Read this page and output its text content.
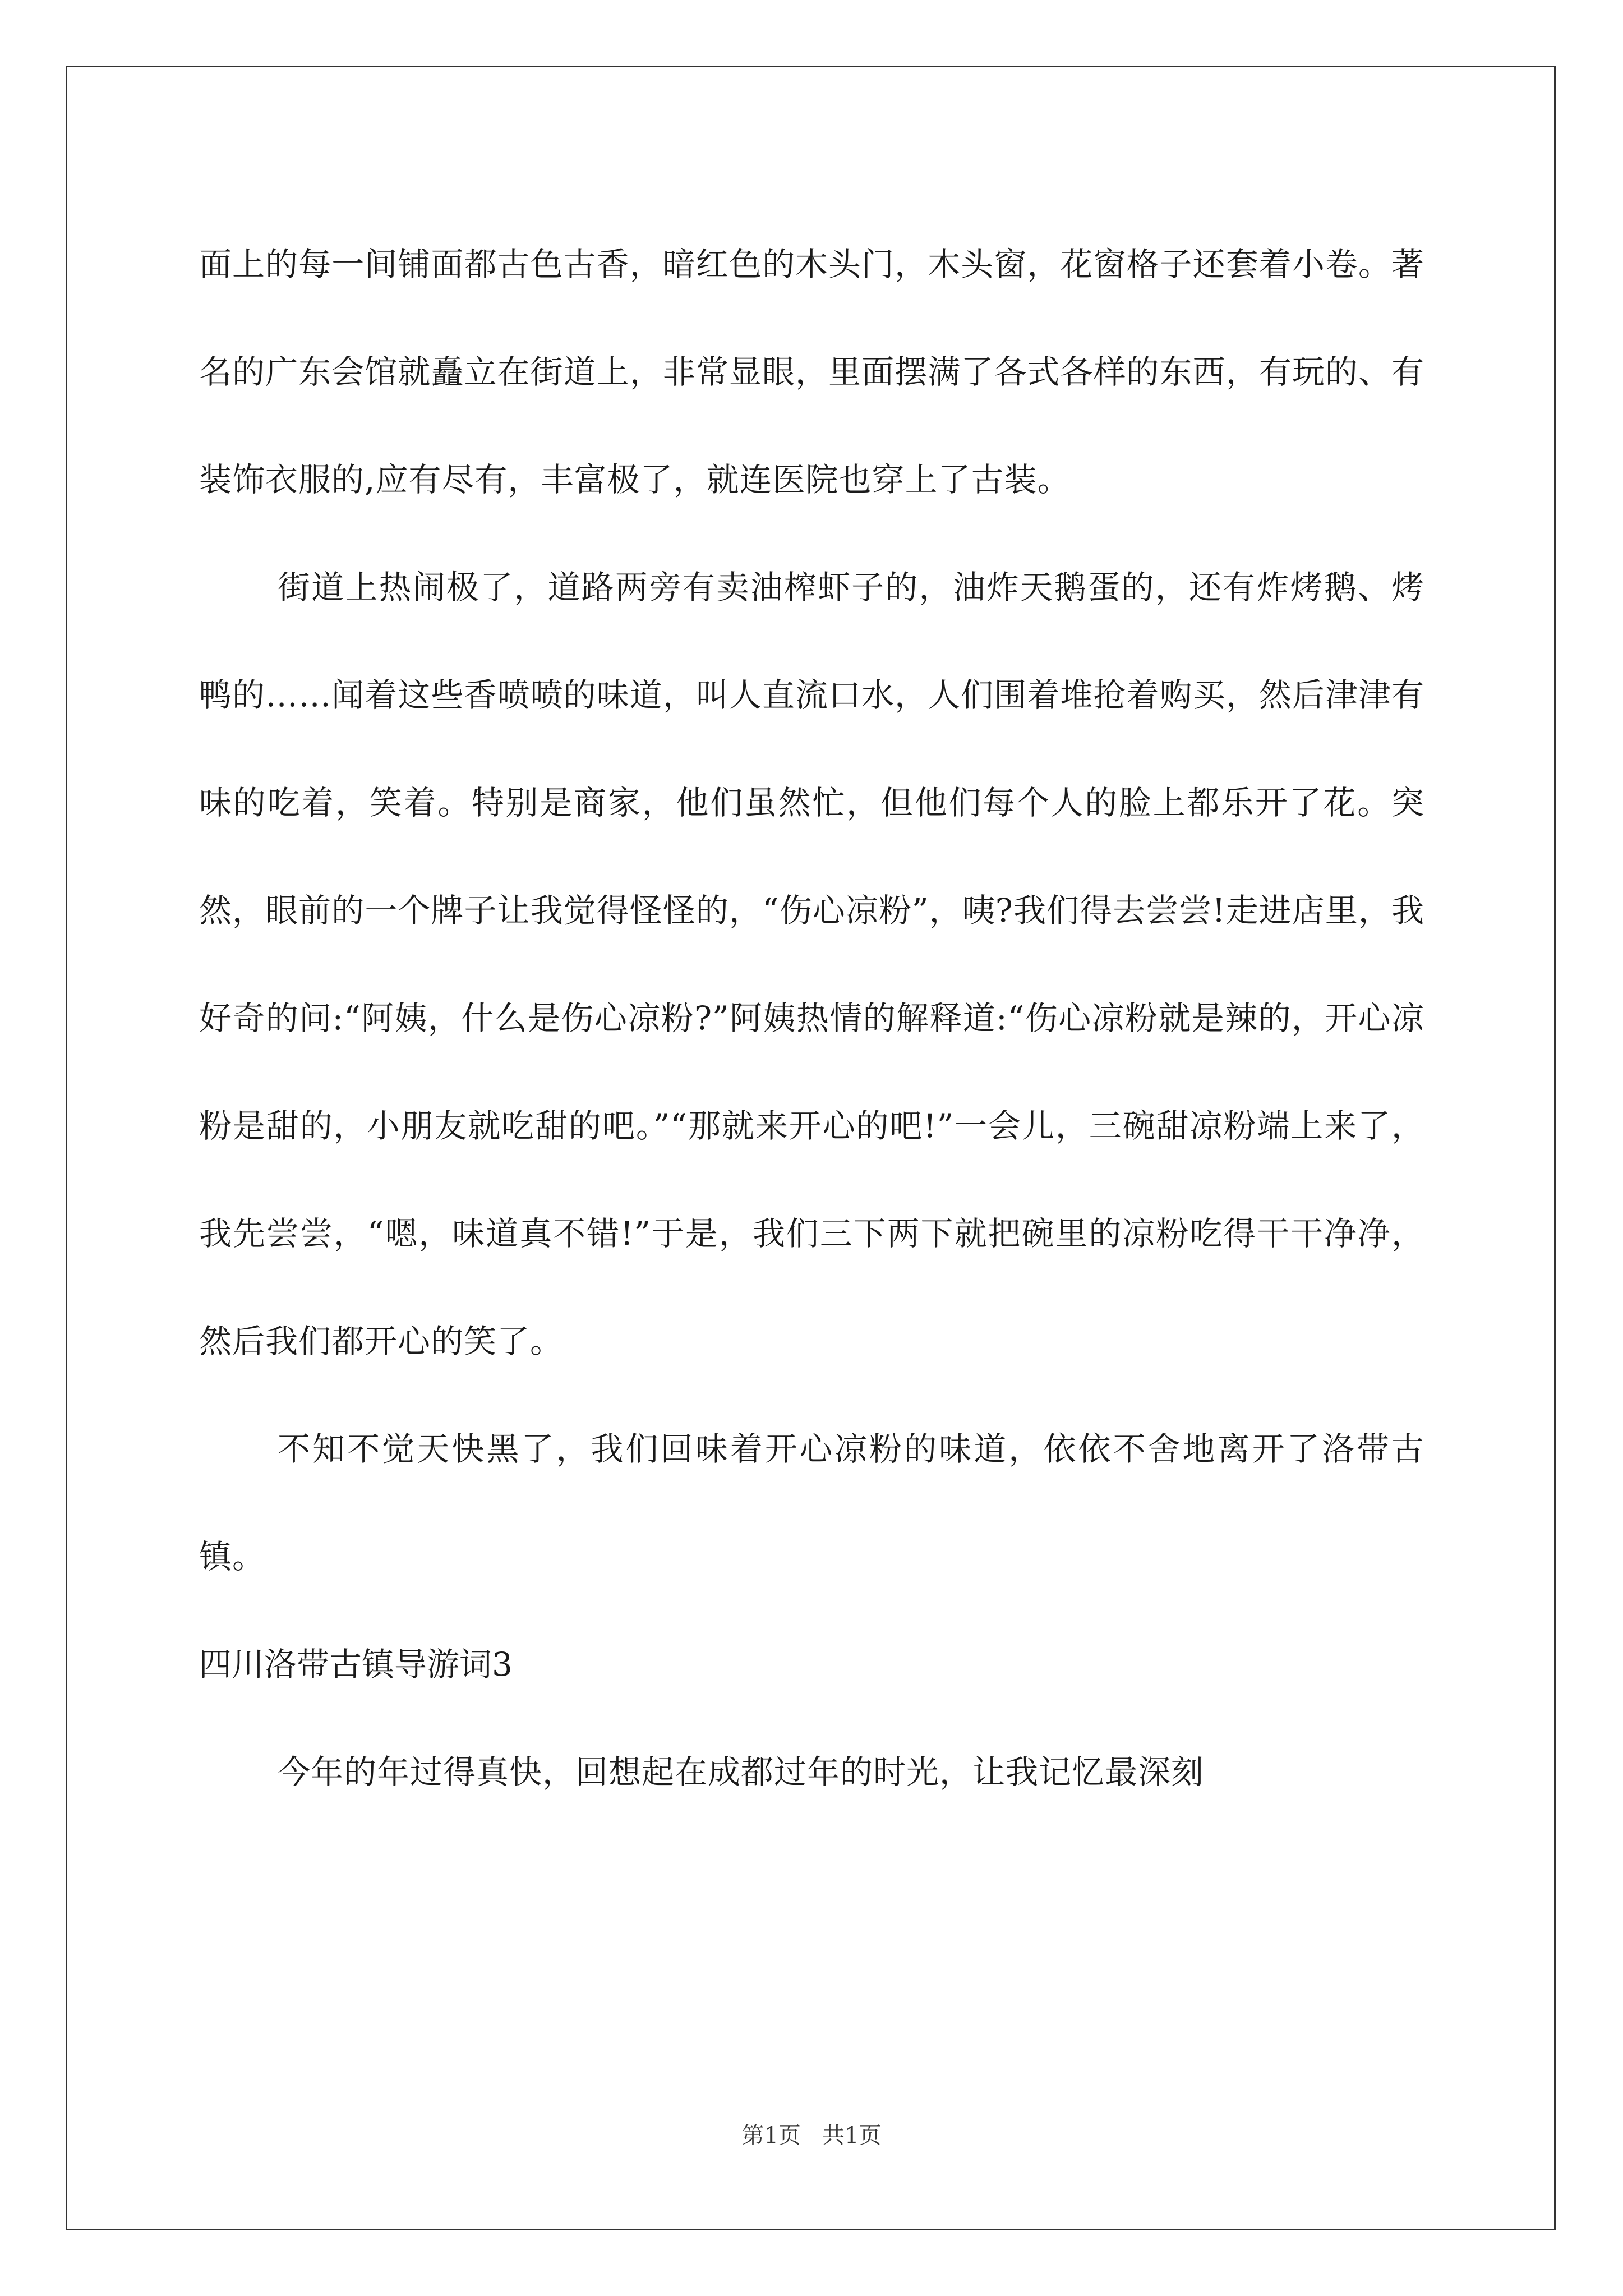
面上的每一间铺面都古色古香，暗红色的木头门，木头窗，花窗格子还套着小卷。著名的广东会馆就矗立在街道上，非常显眼，里面摆满了各式各样的东西，有玩的、有装饰衣服的,应有尽有，丰富极了，就连医院也穿上了古装。

街道上热闹极了，道路两旁有卖油榨虾子的，油炸天鹅蛋的，还有炸烤鹅、烤鸭的……闻着这些香喷喷的味道，叫人直流口水，人们围着堆抢着购买，然后津津有味的吃着，笑着。特别是商家，他们虽然忙，但他们每个人的脸上都乐开了花。突然，眼前的一个牌子让我觉得怪怪的，“伤心凉粉”，咦?我们得去尝尝!走进店里，我好奇的问:“阿姨，什么是伤心凉粉?”阿姨热情的解释道:“伤心凉粉就是辣的，开心凉粉是甜的，小朋友就吃甜的吧。”“那就来开心的吧!”一会儿，三碗甜凉粉端上来了，我先尝尝，“嗯，味道真不错!”于是，我们三下两下就把碗里的凉粉吃得干干净净，然后我们都开心的笑了。

不知不觉天快黑了，我们回味着开心凉粉的味道，依依不舍地离开了洛带古镇。

四川洛带古镇导游词3

今年的年过得真快，回想起在成都过年的时光，让我记忆最深刻

第1页   共1页
